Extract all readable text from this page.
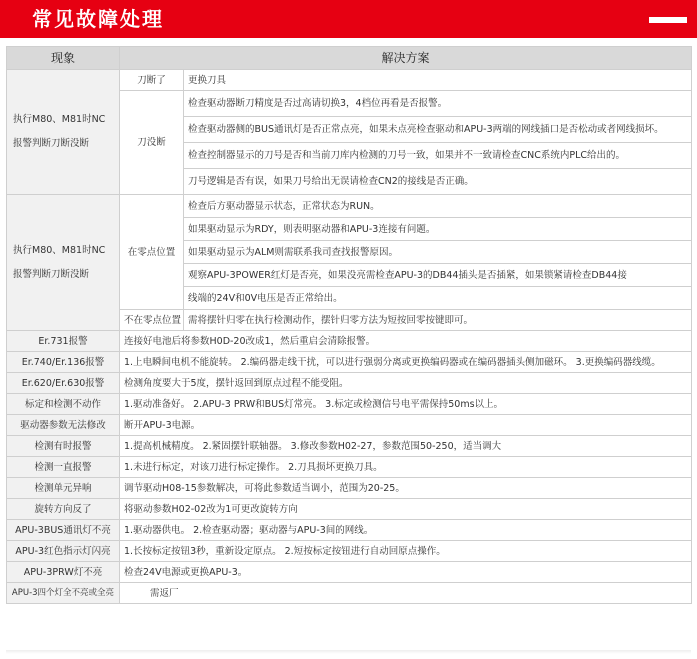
常见故障处理
现象	解决方案	

执行M80、M81时NC
报警判断刀断没断	刀断了	更换刀具
	刀没断	检查驱动器断刀精度是否过高请切换3，4档位再看是否报警。
		检查驱动器侧的BUS通讯灯是否正常点亮，如果未点亮检查驱动和APU-3两端的网线插口是否松动或者网线损坏。
		检查控制器显示的刀号是否和当前刀库内检测的刀号一致，如果并不一致请检查CNC系统内PLC给出的。
		刀号逻辑是否有误，如果刀号给出无误请检查CN2的接线是否正确。

执行M80、M81时NC
报警判断刀断没断	在零点位置	检查后方驱动器显示状态，正常状态为RUN。
		如果驱动显示为RDY，则表明驱动器和APU-3连接有问题。
		如果驱动显示为ALM则需联系我司查找报警原因。
		观察APU-3POWER红灯是否亮，如果没亮需检查APU-3的DB44插头是否插紧，如果锁紧请检查DB44接
		线端的24V和0V电压是否正常给出。
	不在零点位置	需将摆针归零在执行检测动作，摆针归零方法为短按回零按键即可。
Er.731报警	连接好电池后将参数H0D-20改成1，然后重启会清除报警。	
Er.740/Er.136报警	1.上电瞬间电机不能旋转。 2.编码器走线干扰，可以进行强弱分离或更换编码器或在编码器插头侧加磁环。 3.更换编码器线缆。	
Er.620/Er.630报警	检测角度要大于5度，摆针返回到原点过程不能受阻。	
标定和检测不动作	1.驱动准备好。 2.APU-3 PRW和BUS灯常亮。 3.标定或检测信号电平需保持50ms以上。	
驱动器参数无法修改	断开APU-3电源。	
检测有时报警	1.提高机械精度。 2.紧固摆针联轴器。 3.修改参数H02-27，参数范围50-250，适当调大	
检测一直报警	1.未进行标定，对该刀进行标定操作。 2.刀具损坏更换刀具。	
检测单元异响	调节驱动H08-15参数解决，可将此参数适当调小，范围为20-25。	
旋转方向反了	将驱动参数H02-02改为1可更改旋转方向	
APU-3BUS通讯灯不亮	1.驱动器供电。 2.检查驱动器；驱动器与APU-3间的网线。	
APU-3红色指示灯闪亮	1.长按标定按钮3秒，重新设定原点。 2.短按标定按钮进行自动回原点操作。	
APU-3PRW灯不亮	检查24V电源或更换APU-3。	
APU-3四个灯全不亮或全亮	需返厂	
